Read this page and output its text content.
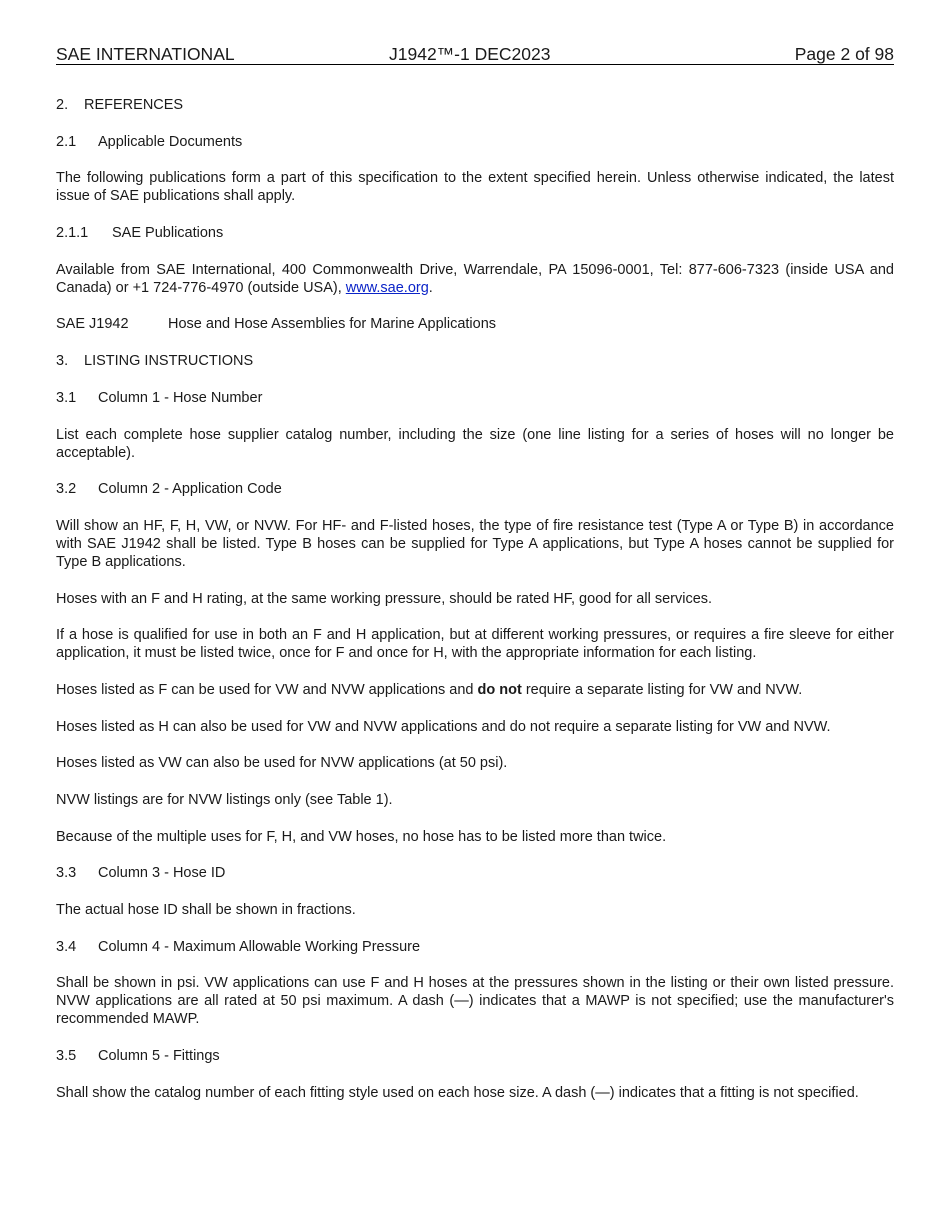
SAE INTERNATIONAL	J1942™-1 DEC2023	Page 2 of 98
2. REFERENCES
2.1 Applicable Documents

The following publications form a part of this specification to the extent specified herein. Unless otherwise indicated, the latest issue of SAE publications shall apply.

2.1.1 SAE Publications

Available from SAE International, 400 Commonwealth Drive, Warrendale, PA 15096-0001, Tel: 877-606-7323 (inside USA and Canada) or +1 724-776-4970 (outside USA), www.sae.org.

SAE J1942	Hose and Hose Assemblies for Marine Applications
3. LISTING INSTRUCTIONS
3.1 Column 1 - Hose Number

List each complete hose supplier catalog number, including the size (one line listing for a series of hoses will no longer be acceptable).

3.2 Column 2 - Application Code

Will show an HF, F, H, VW, or NVW. For HF- and F-listed hoses, the type of fire resistance test (Type A or Type B) in accordance with SAE J1942 shall be listed. Type B hoses can be supplied for Type A applications, but Type A hoses cannot be supplied for Type B applications.

Hoses with an F and H rating, at the same working pressure, should be rated HF, good for all services.

If a hose is qualified for use in both an F and H application, but at different working pressures, or requires a fire sleeve for either application, it must be listed twice, once for F and once for H, with the appropriate information for each listing.

Hoses listed as F can be used for VW and NVW applications and do not require a separate listing for VW and NVW.

Hoses listed as H can also be used for VW and NVW applications and do not require a separate listing for VW and NVW.

Hoses listed as VW can also be used for NVW applications (at 50 psi).

NVW listings are for NVW listings only (see Table 1).

Because of the multiple uses for F, H, and VW hoses, no hose has to be listed more than twice.

3.3 Column 3 - Hose ID

The actual hose ID shall be shown in fractions.

3.4 Column 4 - Maximum Allowable Working Pressure

Shall be shown in psi. VW applications can use F and H hoses at the pressures shown in the listing or their own listed pressure. NVW applications are all rated at 50 psi maximum. A dash (—) indicates that a MAWP is not specified; use the manufacturer's recommended MAWP.

3.5 Column 5 - Fittings

Shall show the catalog number of each fitting style used on each hose size. A dash (—) indicates that a fitting is not specified.
